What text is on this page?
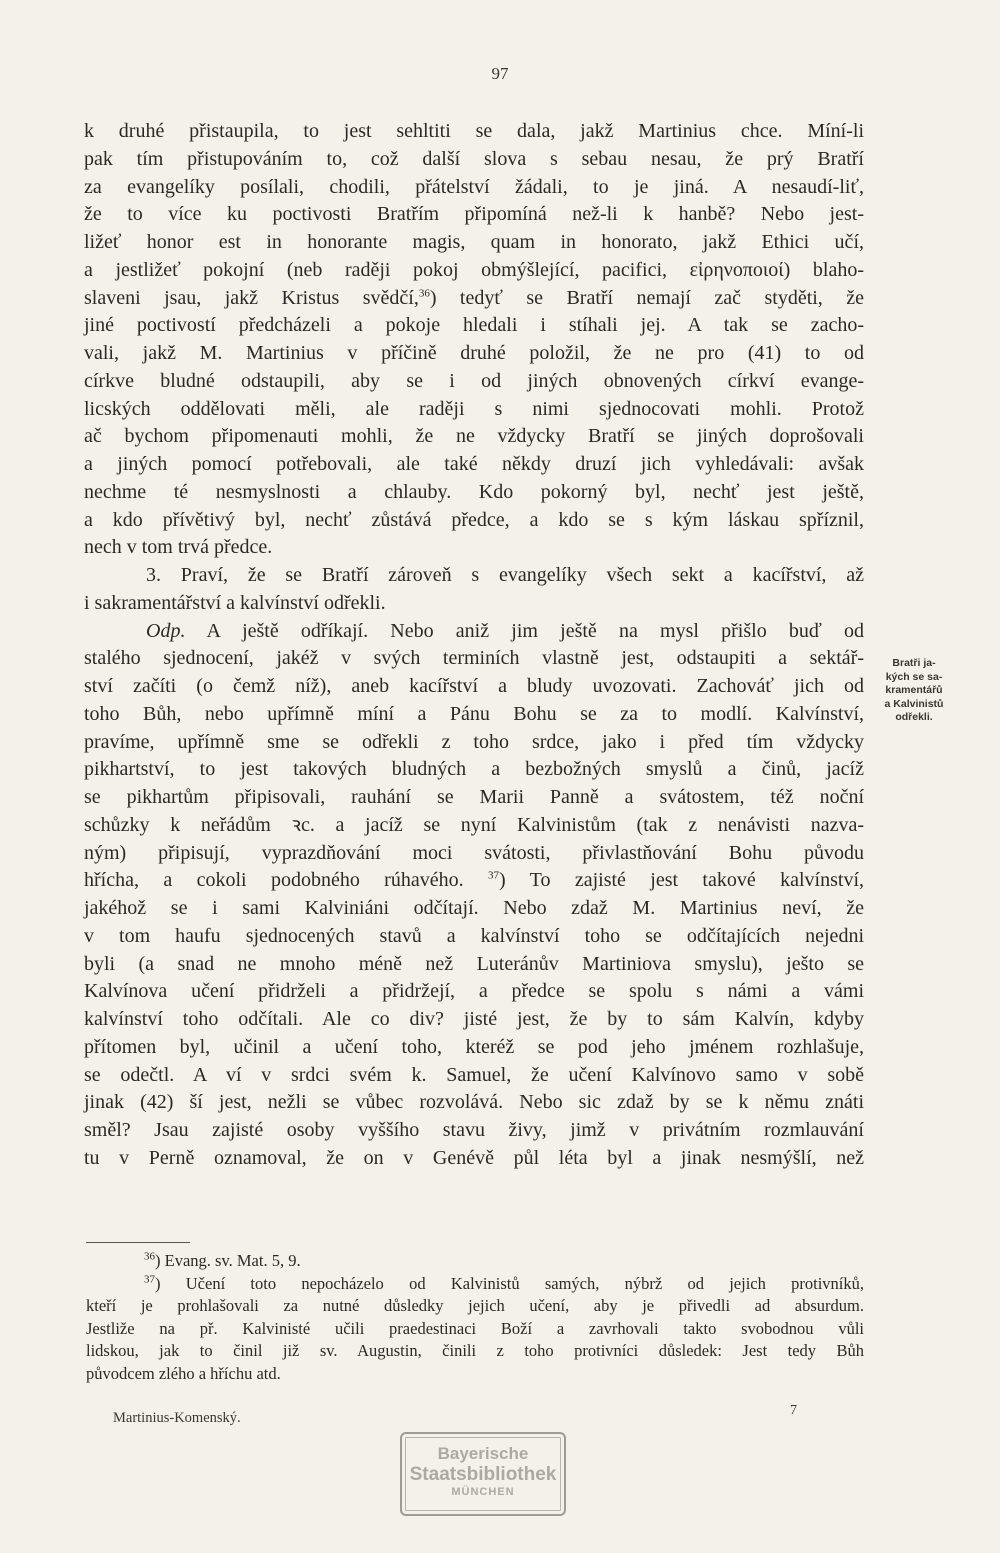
97
k druhé přistaupila, to jest sehltiti se dala, jakž Martinius chce. Míní-li
pak tím přistupováním to, což další slova s sebau nesau, že prý Bratří
za evangelíky posílali, chodili, přátelství žádali, to je jiná. A nesaudí-liť,
že to více ku poctivosti Bratřím připomíná než-li k hanbě? Nebo jest-
ližeť honor est in honorante magis, quam in honorato, jakž Ethici učí,
a jestližeť pokojní (neb raději pokoj obmýšlející, pacifici, εἰρηνοποιοί) blaho-
slaveni jsau, jakž Kristus svědčí,$^{36}$) tedyť se Bratří nemají zač styděti, že
jiné poctivostí předcházeli a pokoje hledali i stíhali jej. A tak se zacho-
vali, jakž M. Martinius v příčině druhé položil, že ne pro (41) to od
církve bludné odstaupili, aby se i od jiných obnovených církví evange-
licských oddělovati měli, ale raději s nimi sjednocovati mohli. Protož
ač bychom připomenauti mohli, že ne vždycky Bratří se jiných doprošovali
a jiných pomocí potřebovali, ale také někdy druzí jich vyhledávali: avšak
nechme té nesmyslnosti a chlauby. Kdo pokorný byl, nechť jest ještě,
a kdo přívětivý byl, nechť zůstává předce, a kdo se s kým láskau spříznil,
nech v tom trvá předce.
3. Praví, že se Bratří zároveň s evangelíky všech sekt a kacířství, až
i sakramentářství a kalvínství odřekli.
Odp. A ještě odříkají. Nebo aniž jim ještě na mysl přišlo buď od
stalého sjednocení, jakéž v svých terminích vlastně jest, odstaupiti a sektář-
ství začíti (o čemž níž), aneb kacířství a bludy uvozovati. Zachováť jich od
toho Bůh, nebo upřímně míní a Pánu Bohu se za to modlí. Kalvínství,
pravíme, upřímně sme se odřekli z toho srdce, jako i před tím vždycky
pikhartství, to jest takových bludných a bezbožných smyslů a činů, jacíž
se pikhartům připisovali, rauhání se Marii Panně a svátostem, též noční
schůzky k neřádům ꝛc. a jacíž se nyní Kalvinistům (tak z nenávisti nazva-
ným) připisují, vyprazdňování moci svátosti, přivlastňování Bohu původu
hřícha, a cokoli podobného rúhavého. $^{37}$) To zajisté jest takové kalvínství,
jakéhož se i sami Kalviniáni odčítají. Nebo zdaž M. Martinius neví, že
v tom haufu sjednocených stavů a kalvínství toho se odčítajících nejedni
byli (a snad ne mnoho méně než Luteránův Martiniova smyslu), ješto se
Kalvínova učení přidrželi a přidržejí, a předce se spolu s námi a vámi
kalvínství toho odčítali. Ale co div? jisté jest, že by to sám Kalvín, kdyby
přítomen byl, učinil a učení toho, kteréž se pod jeho jménem rozhlašuje,
se odečtl. A ví v srdci svém k. Samuel, že učení Kalvínovo samo v sobě
jinak (42) ší jest, nežli se vůbec rozvolává. Nebo sic zdaž by se k němu znáti
směl? Jsau zajisté osoby vyššího stavu živy, jimž v privátním rozmlauvání
tu v Perně oznamoval, že on v Genévě půl léta byl a jinak nesmýšlí, než
Bratři ja-
kých se sa-
kramentářů
a Kalvinistů
odřekli.
$^{36}$) Evang. sv. Mat. 5, 9.
$^{37}$) Učení toto nepocházelo od Kalvinistů samých, nýbrž od jejich protivníků,
kteří je prohlašovali za nutné důsledky jejich učení, aby je přivedli ad absurdum.
Jestliže na př. Kalvinisté učili praedestinaci Boží a zavrhovali takto svobodnou vůli
lidskou, jak to činil již sv. Augustin, činili z toho protivníci důsledek: Jest tedy Bůh
původcem zlého a hříchu atd.
Martinius-Komenský.	7
Bayerische
Staatsbibliothek
MÜNCHEN
